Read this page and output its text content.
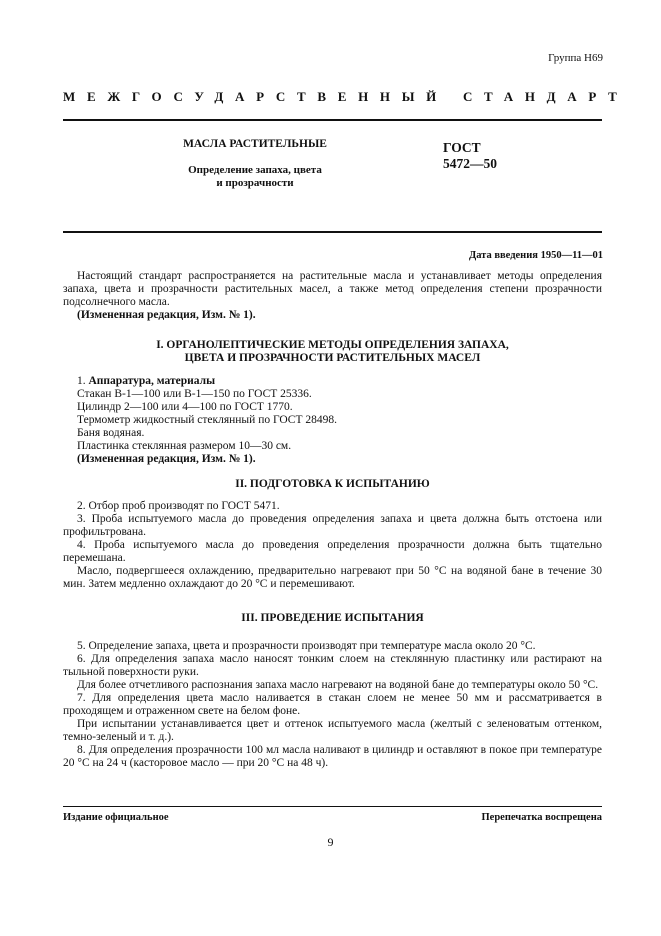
Группа Н69
МЕЖГОСУДАРСТВЕННЫЙ СТАНДАРТ
МАСЛА РАСТИТЕЛЬНЫЕ
Определение запаха, цвета
и прозрачности
ГОСТ
5472—50
Дата введения 1950—11—01

Настоящий стандарт распространяется на растительные масла и устанавливает методы определения запаха, цвета и прозрачности растительных масел, а также метод определения степени прозрачности подсолнечного масла.

(Измененная редакция, Изм. № 1).

I. ОРГАНОЛЕПТИЧЕСКИЕ МЕТОДЫ ОПРЕДЕЛЕНИЯ ЗАПАХА,
ЦВЕТА И ПРОЗРАЧНОСТИ РАСТИТЕЛЬНЫХ МАСЕЛ

1. Аппаратура, материалы

Стакан В-1—100 или В-1—150 по ГОСТ 25336.

Цилиндр 2—100 или 4—100 по ГОСТ 1770.

Термометр жидкостный стеклянный по ГОСТ 28498.

Баня водяная.

Пластинка стеклянная размером 10—30 см.

(Измененная редакция, Изм. № 1).

II. ПОДГОТОВКА К ИСПЫТАНИЮ

2. Отбор проб производят по ГОСТ 5471.

3. Проба испытуемого масла до проведения определения запаха и цвета должна быть отстоена или профильтрована.

4. Проба испытуемого масла до проведения определения прозрачности должна быть тщательно перемешана.

Масло, подвергшееся охлаждению, предварительно нагревают при 50 °С на водяной бане в течение 30 мин. Затем медленно охлаждают до 20 °С и перемешивают.

III. ПРОВЕДЕНИЕ ИСПЫТАНИЯ

5. Определение запаха, цвета и прозрачности производят при температуре масла около 20 °С.

6. Для определения запаха масло наносят тонким слоем на стеклянную пластинку или растирают на тыльной поверхности руки.

Для более отчетливого распознания запаха масло нагревают на водяной бане до температуры около 50 °С.

7. Для определения цвета масло наливается в стакан слоем не менее 50 мм и рассматривается в проходящем и отраженном свете на белом фоне.

При испытании устанавливается цвет и оттенок испытуемого масла (желтый с зеленоватым оттенком, темно-зеленый и т. д.).

8. Для определения прозрачности 100 мл масла наливают в цилиндр и оставляют в покое при температуре 20 °С на 24 ч (касторовое масло — при 20 °С на 48 ч).

Издание официальное	Перепечатка воспрещена
9
